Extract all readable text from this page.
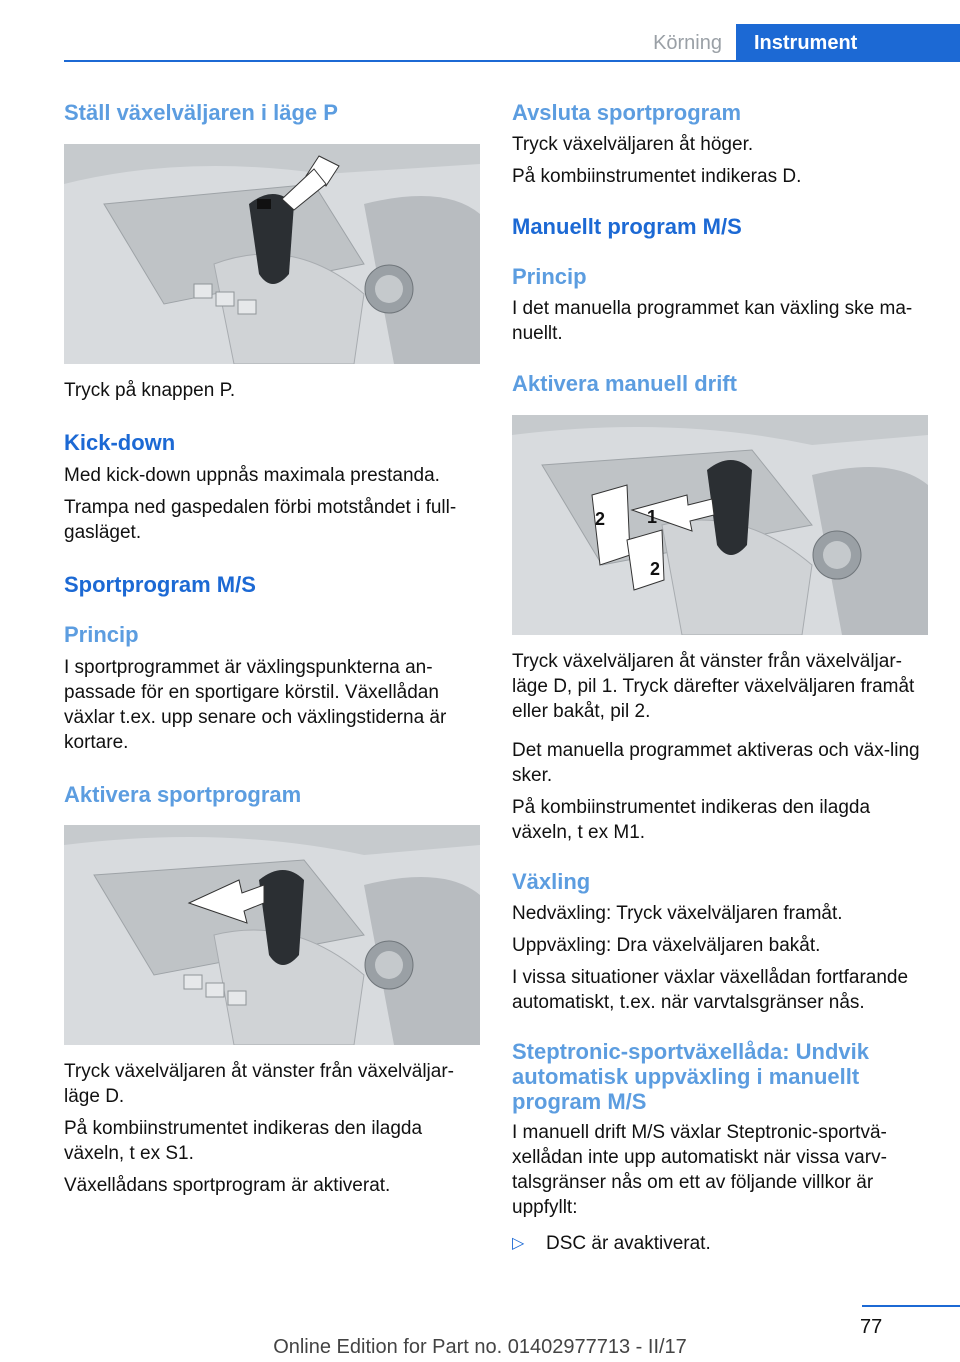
Körning	Instrument
Ställ växelväljaren i läge P

Tryck på knappen P.

Kick-down

Med kick-down uppnås maximala prestanda.

Trampa ned gaspedalen förbi motståndet i full-gasläget.

Sportprogram M/S
Princip

I sportprogrammet är växlingspunkterna an-passade för en sportigare körstil. Växellådan växlar t.ex. upp senare och växlingstiderna är kortare.

Aktivera sportprogram

Tryck växelväljaren åt vänster från växelväljar-läge D.

På kombiinstrumentet indikeras den ilagda växeln, t ex S1.

Växellådans sportprogram är aktiverat.

Avsluta sportprogram

Tryck växelväljaren åt höger.

På kombiinstrumentet indikeras D.

Manuellt program M/S
Princip

I det manuella programmet kan växling ske ma-nuellt.

Aktivera manuell drift
1
2
2

Tryck växelväljaren åt vänster från växelväljar-läge D, pil 1. Tryck därefter växelväljaren framåt eller bakåt, pil 2.

Det manuella programmet aktiveras och väx-ling sker.

På kombiinstrumentet indikeras den ilagda växeln, t ex M1.

Växling

Nedväxling: Tryck växelväljaren framåt.

Uppväxling: Dra växelväljaren bakåt.

I vissa situationer växlar växellådan fortfarande automatiskt, t.ex. när varvtalsgränser nås.

Steptronic-sportväxellåda: Undvik automatisk uppväxling i manuellt program M/S

I manuell drift M/S växlar Steptronic-sportvä-xellådan inte upp automatiskt när vissa varv-talsgränser nås om ett av följande villkor är uppfyllt:

▷	DSC är avaktiverat.
77
Online Edition for Part no. 01402977713 - II/17
